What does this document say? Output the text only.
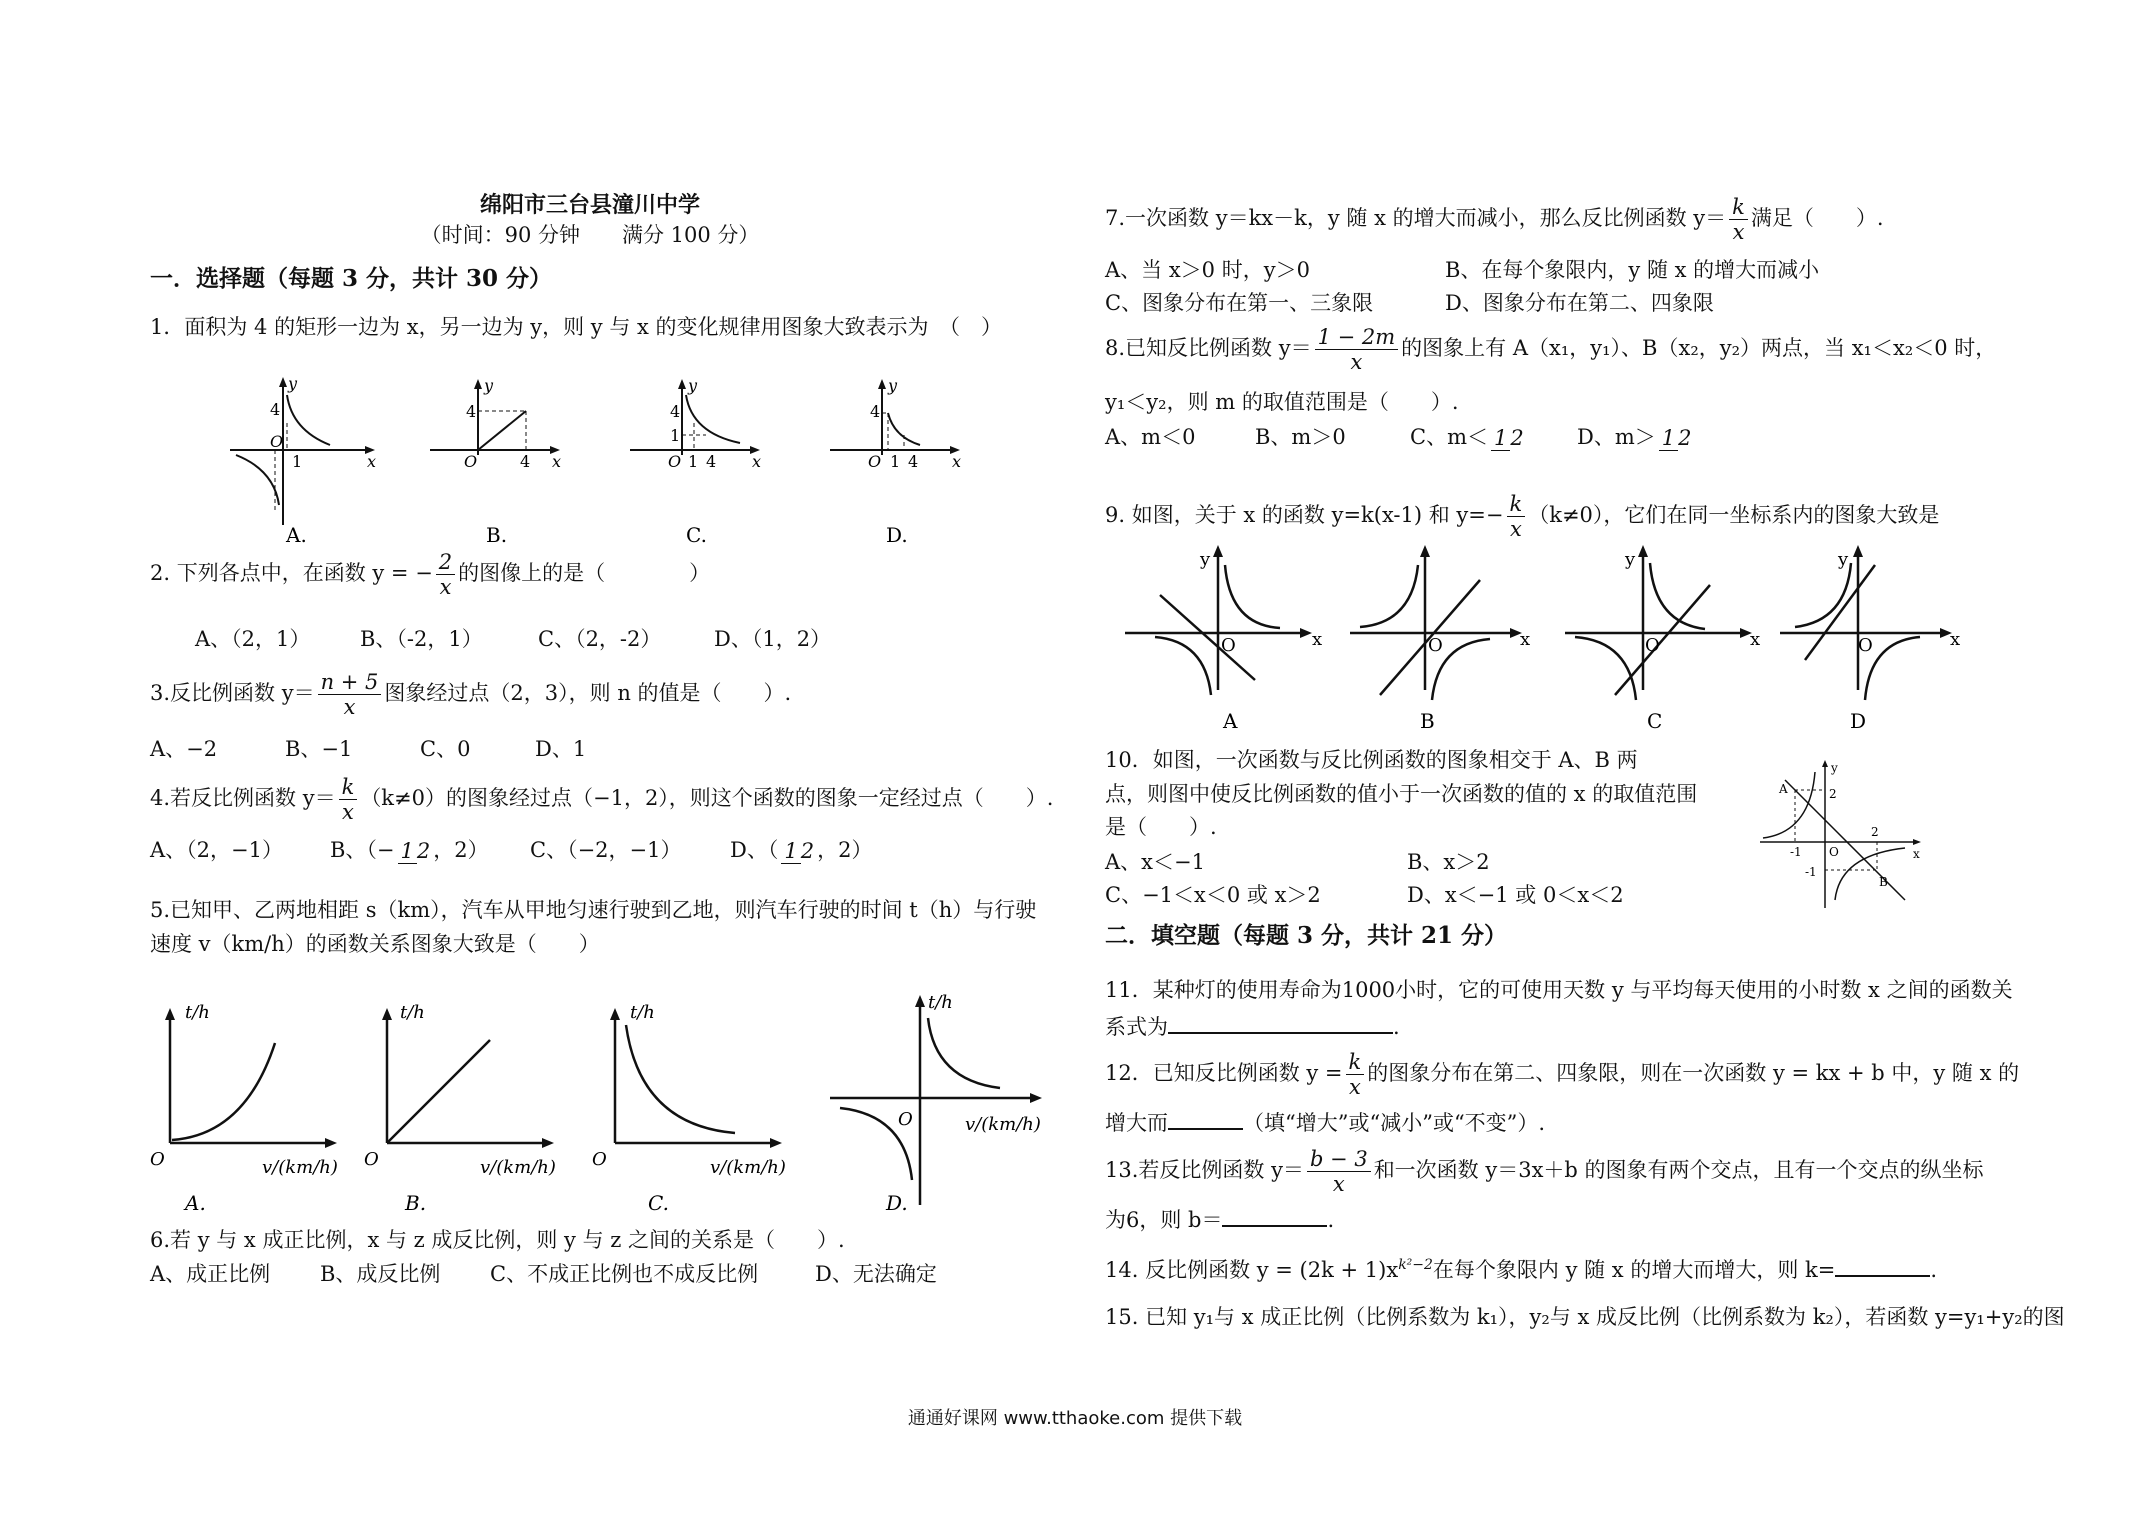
绵阳市三台县潼川中学
（时间：90 分钟　　满分 100 分）
一．选择题（每题 3 分，共计 30 分）
1．面积为 4 的矩形一边为 x，另一边为 y，则 y 与 x 的变化规律用图象大致表示为　（　）
y
4
O
1	x
A.
y
4
O	4 x
B.
y
4
1
O 1 4 x
C.
y
4
O 1 4 x
D.
2. 下列各点中，在函数 y = − $\frac{2}{x}$ 的图像上的是（　　　　）
A、（2，1） B、（-2，1）	C、（2，-2）	D、（1，2）
3.反比例函数 $y= \frac{n + 5}{x}$ 图象经过点（2，3），则 n 的值是（　　）.
A、−2	B、−1	C、0	D、1
4.若反比例函数 $y= \frac{k}{x} (k\ne 0)$的图象经过点（−1，2），则这个函数的图象一定经过点（　　）.
A、（2，−1） B、（− 1 2 ，2） C、（−2，−1） D、（ 1 2 ，2）
5.已知甲、乙两地相距 s（km），汽车从甲地匀速行驶到乙地，则汽车行驶的时间 t（h）与行驶
速度 v（km/h）的函数关系图象大致是（　　）
t/h
O	v/(km/h)
A.
t/h
O	v/(km/h)
B.
t/h
O	v/(km/h)
C.
t/h
O	v/(km/h)
D.
6.若 y 与 x 成正比例，x 与 z 成反比例，则 y 与 z 之间的关系是（　　）.
A、成正比例 B、成反比例 C、不成正比例也不成反比例	D、无法确定
7.一次函数 y＝kx－k，y 随 x 的增大而减小，那么反比例函数 $y= \frac{k}{x}$ 满足（　　）.
A、当 x＞0 时，y＞0	B、在每个象限内，y 随 x 的增大而减小
C、图象分布在第一、三象限	D、图象分布在第二、四象限
8.已知反比例函数 $y= \frac{1 - 2m}{x}$ 的图象上有 A（x₁，y₁）、B（x₂，y₂）两点，当 x₁＜x₂＜0 时，
y₁＜y₂，则 m 的取值范围是（　　）.
A、m＜0	B、m＞0	C、m＜ 1 2	D、m＞ 1 2
9. 如图，关于 x 的函数 y=k(x-1) 和 $y=- \frac{k}{x} (k\ne 0)$，它们在同一坐标系内的图象大致是
y
O	x
A
O	x
B
y
O	x
C
y
O	x
D
10．如图，一次函数与反比例函数的图象相交于 A、B 两
点，则图中使反比例函数的值小于一次函数的值的 x 的取值范围
是（　　）.
A、x＜−1	B、x＞2
C、−1＜x＜0 或 x＞2	D、x＜−1 或 0＜x＜2
A	2
y
x
O
2
-1
-1
B
二．填空题（每题 3 分，共计 21 分）
11．某种灯的使用寿命为1000小时，它的可使用天数 y 与平均每天使用的小时数 x 之间的函数关
系式为	.
12．已知反比例函数 $y = \frac{k}{x}$ 的图象分布在第二、四象限，则在一次函数 y = kx + b 中，y 随 x 的
增大而	（填“增大”或“减小”或“不变”）.
13.若反比例函数 $y= \frac{b - 3}{x}$ 和一次函数 y＝3x＋b 的图象有两个交点，且有一个交点的纵坐标
为6，则 b＝	.
14. 反比例函数 $y = (2k + 1)x^{k^2-2}$在每个象限内 y 随 x 的增大而增大，则 k=	.
15. 已知 y₁与 x 成正比例（比例系数为 k₁），y₂与 x 成反比例（比例系数为 k₂），若函数 y=y₁+y₂的图
通通好课网 www.tthaoke.com 提供下载
